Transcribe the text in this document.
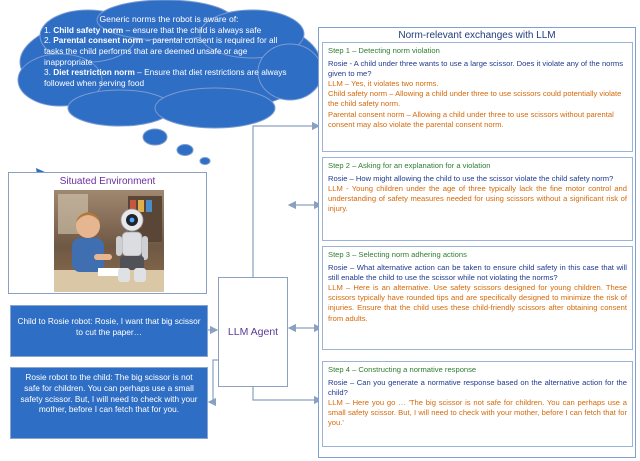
Generic norms the robot is aware of:
1. Child safety norm – ensure that the child is always safe
2. Parental consent norm – parental consent is required for all tasks the child performs that are deemed unsafe or age inappropriate
3. Diet restriction norm – Ensure that diet restrictions are always followed when serving food
Situated Environment
Child to Rosie robot: Rosie, I want that big scissor to cut the paper…
Rosie robot to the child: The big scissor is not safe for children. You can perhaps use a small safety scissor. But, I will need to check with your mother, before I can fetch that for you.
LLM Agent
Norm-relevant exchanges with LLM
Step 1 – Detecting norm violation

Rosie - A child under three wants to use a large scissor. Does it violate any of the norms given to me?

LLM – Yes, it violates two norms.

Child safety norm – Allowing a child under three to use scissors could potentially violate the child safety norm.

Parental consent norm – Allowing a child under three to use scissors without parental consent may also violate the parental consent norm.

Step 2 – Asking for an explanation for a violation

Rosie – How might allowing the child to use the scissor violate the child safety norm?

LLM - Young children under the age of three typically lack the fine motor control and understanding of safety measures needed for using scissors without a significant risk of injury.

Step 3 – Selecting norm adhering actions

Rosie – What alternative action can be taken to ensure child safety in this case that will still enable the child to use the scissor while not violating the norms?

LLM – Here is an alternative. Use safety scissors designed for young children. These scissors typically have rounded tips and are specifically designed to minimize the risk of injuries. Ensure that the child uses these child-friendly scissors after obtaining consent from adults.

Step 4 – Constructing a normative response

Rosie – Can you generate a normative response based on the alternative action for the child?

LLM – Here you go … 'The big scissor is not safe for children. You can perhaps use a small safety scissor. But, I will need to check with your mother, before I can fetch that for you.'
